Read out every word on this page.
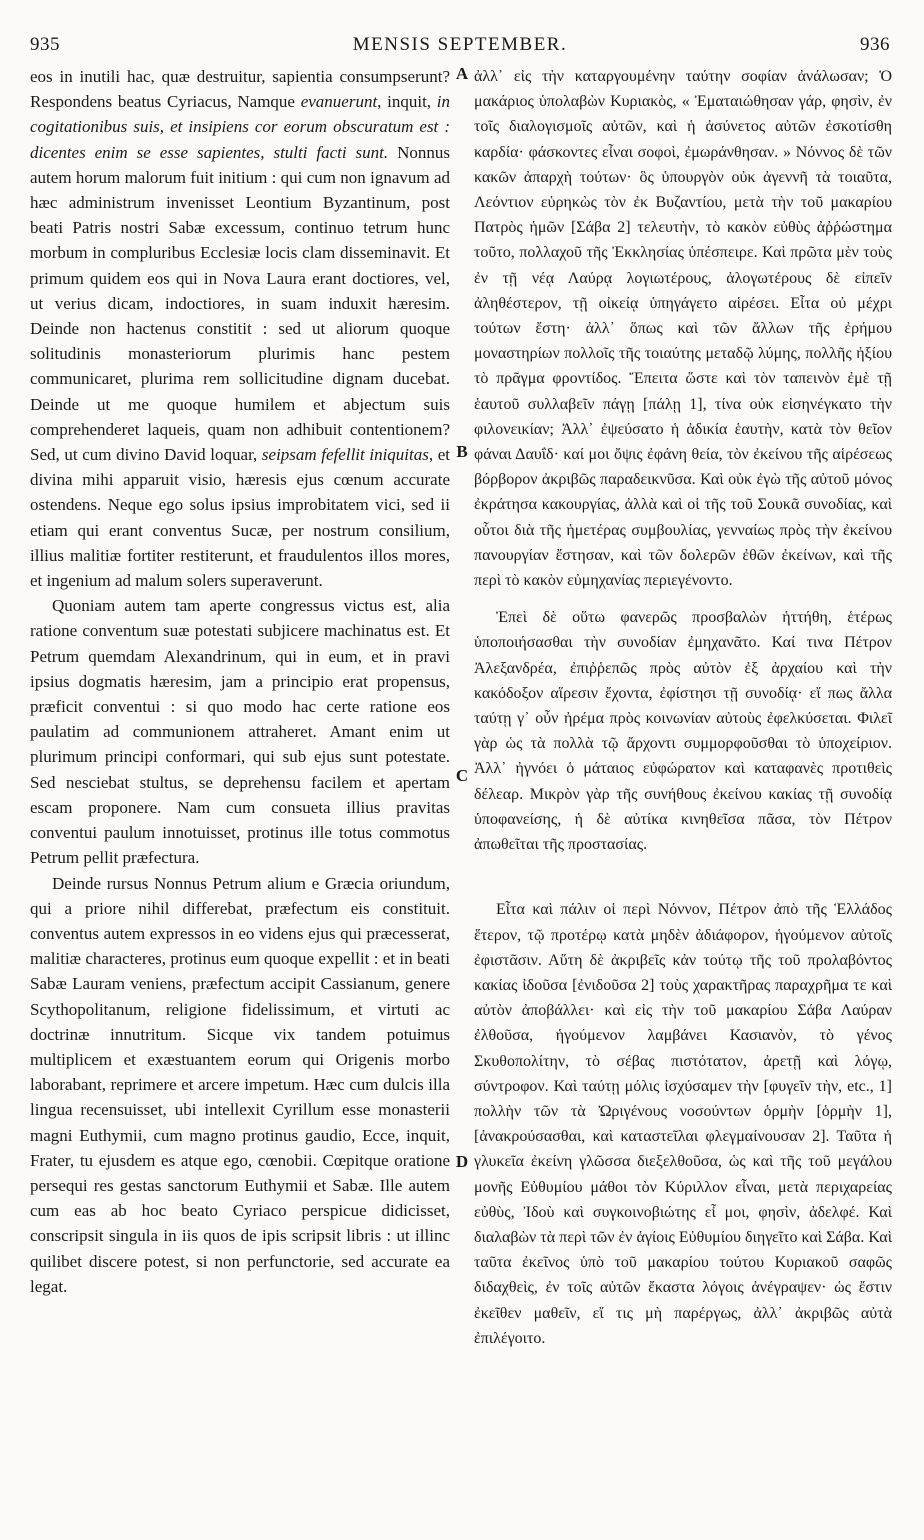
935	MENSIS SEPTEMBER.	936

eos in inutili hac, quæ destruitur, sapientia consumpserunt? Respondens beatus Cyriacus, Namque evanuerunt, inquit, in cogitationibus suis, et insipiens cor eorum obscuratum est : dicentes enim se esse sapientes, stulti facti sunt. Nonnus autem horum malorum fuit initium : qui cum non ignavum ad hæc administrum invenisset Leontium Byzantinum, post beati Patris nostri Sabæ excessum, continuo tetrum hunc morbum in compluribus Ecclesiæ locis clam disseminavit. Et primum quidem eos qui in Nova Laura erant doctiores, vel, ut verius dicam, indoctiores, in suam induxit hæresim. Deinde non hactenus constitit : sed ut aliorum quoque solitudinis monasteriorum plurimis hanc pestem communicaret, plurima rem sollicitudine dignam ducebat. Deinde ut me quoque humilem et abjectum suis comprehenderet laqueis, quam non adhibuit contentionem? Sed, ut cum divino David loquar, seipsam fefellit iniquitas, et divina mihi apparuit visio, hæresis ejus cœnum accurate ostendens. Neque ego solus ipsius improbitatem vici, sed ii etiam qui erant conventus Sucæ, per nostrum consilium, illius malitiæ fortiter restiterunt, et fraudulentos illos mores, et ingenium ad malum solers superaverunt.

Quoniam autem tam aperte congressus victus est, alia ratione conventum suæ potestati subjicere machinatus est. Et Petrum quemdam Alexandrinum, qui in eum, et in pravi ipsius dogmatis hæresim, jam a principio erat propensus, præficit conventui : si quo modo hac certe ratione eos paulatim ad communionem attraheret. Amant enim ut plurimum principi conformari, qui sub ejus sunt potestate. Sed nesciebat stultus, se deprehensu facilem et apertam escam proponere. Nam cum consueta illius pravitas conventui paulum innotuisset, protinus ille totus commotus Petrum pellit præfectura.

Deinde rursus Nonnus Petrum alium e Græcia oriundum, qui a priore nihil differebat, præfectum eis constituit. conventus autem expressos in eo videns ejus qui præcesserat, malitiæ characteres, protinus eum quoque expellit : et in beati Sabæ Lauram veniens, præfectum accipit Cassianum, genere Scythopolitanum, religione fidelissimum, et virtuti ac doctrinæ innutritum. Sicque vix tandem potuimus multiplicem et exæstuantem eorum qui Origenis morbo laborabant, reprimere et arcere impetum. Hæc cum dulcis illa lingua recensuisset, ubi intellexit Cyrillum esse monasterii magni Euthymii, cum magno protinus gaudio, Ecce, inquit, Frater, tu ejusdem es atque ego, cœnobii. Cœpitque oratione persequi res gestas sanctorum Euthymii et Sabæ. Ille autem cum eas ab hoc beato Cyriaco perspicue didicisset, conscripsit singula in iis quos de ipis scripsit libris : ut illinc quilibet discere potest, si non perfunctorie, sed accurate ea legat.

A
B
C
D

ἀλλ᾽ εἰς τὴν καταργουμένην ταύτην σοφίαν ἀνάλωσαν; Ὁ μακάριος ὑπολαβὼν Κυριακὸς, « Ἐματαιώθησαν γάρ, φησὶν, ἐν τοῖς διαλογισμοῖς αὐτῶν, καὶ ἡ ἀσύνετος αὐτῶν ἐσκοτίσθη καρδία· φάσκοντες εἶναι σοφοὶ, ἐμωράνθησαν. » Νόννος δὲ τῶν κακῶν ἀπαρχὴ τούτων· ὃς ὑπουργὸν οὐκ ἀγεννῆ τὰ τοιαῦτα, Λεόντιον εὑρηκὼς τὸν ἐκ Βυζαντίου, μετὰ τὴν τοῦ μακαρίου Πατρὸς ἡμῶν [Σάβα 2] τελευτὴν, τὸ κακὸν εὐθὺς ἀῤῥώστημα τοῦτο, πολλαχοῦ τῆς Ἐκκλησίας ὑπέσπειρε. Καὶ πρῶτα μὲν τοὺς ἐν τῇ νέᾳ Λαύρᾳ λογιωτέρους, ἀλογωτέρους δὲ εἰπεῖν ἀληθέστερον, τῇ οἰκείᾳ ὑπηγάγετο αἱρέσει. Εἶτα οὐ μέχρι τούτων ἔστη· ἀλλ᾽ ὅπως καὶ τῶν ἄλλων τῆς ἐρήμου μοναστηρίων πολλοῖς τῆς τοιαύτης μεταδῷ λύμης, πολλῆς ἠξίου τὸ πρᾶγμα φροντίδος. Ἔπειτα ὥστε καὶ τὸν ταπεινὸν ἐμὲ τῇ ἑαυτοῦ συλλαβεῖν πάγῃ [πάλῃ 1], τίνα οὐκ εἰσηνέγκατο τὴν φιλονεικίαν; Ἀλλ᾽ ἐψεύσατο ἡ ἀδικία ἑαυτὴν, κατὰ τὸν θεῖον φάναι Δαυΐδ· καί μοι ὄψις ἐφάνη θεία, τὸν ἐκείνου τῆς αἱρέσεως βόρβορον ἀκριβῶς παραδεικνῦσα. Καὶ οὐκ ἐγὼ τῆς αὐτοῦ μόνος ἐκράτησα κακουργίας, ἀλλὰ καὶ οἱ τῆς τοῦ Σουκᾶ συνοδίας, καὶ οὗτοι διὰ τῆς ἡμετέρας συμβουλίας, γενναίως πρὸς τὴν ἐκείνου πανουργίαν ἔστησαν, καὶ τῶν δολερῶν ἐθῶν ἐκείνων, καὶ τῆς περὶ τὸ κακὸν εὐμηχανίας περιεγένοντο.

Ἐπεὶ δὲ οὕτω φανερῶς προσβαλὼν ἡττήθη, ἑτέρως ὑποποιήσασθαι τὴν συνοδίαν ἐμηχανᾶτο. Καί τινα Πέτρον Ἀλεξανδρέα, ἐπιῤῥεπῶς πρὸς αὐτὸν ἐξ ἀρχαίου καὶ τὴν κακόδοξον αἵρεσιν ἔχοντα, ἐφίστησι τῇ συνοδίᾳ· εἴ πως ἄλλα ταύτῃ γ᾽ οὖν ἠρέμα πρὸς κοινωνίαν αὐτοὺς ἐφελκύσεται. Φιλεῖ γὰρ ὡς τὰ πολλὰ τῷ ἄρχοντι συμμορφοῦσθαι τὸ ὑποχείριον. Ἀλλ᾽ ἠγνόει ὁ μάταιος εὐφώρατον καὶ καταφανὲς προτιθεὶς δέλεαρ. Μικρὸν γὰρ τῆς συνήθους ἐκείνου κακίας τῇ συνοδίᾳ ὑποφανείσης, ἡ δὲ αὐτίκα κινηθεῖσα πᾶσα, τὸν Πέτρον ἀπωθεῖται τῆς προστασίας.

Εἶτα καὶ πάλιν οἱ περὶ Νόννον, Πέτρον ἀπὸ τῆς Ἑλλάδος ἕτερον, τῷ προτέρῳ κατὰ μηδὲν ἀδιάφορον, ἡγούμενον αὐτοῖς ἐφιστᾶσιν. Αὕτη δὲ ἀκριβεῖς κἀν τούτῳ τῆς τοῦ προλαβόντος κακίας ἰδοῦσα [ἐνιδοῦσα 2] τοὺς χαρακτῆρας παραχρῆμα τε καὶ αὐτὸν ἀποβάλλει· καὶ εἰς τὴν τοῦ μακαρίου Σάβα Λαύραν ἐλθοῦσα, ἡγούμενον λαμβάνει Κασιανὸν, τὸ γένος Σκυθοπολίτην, τὸ σέβας πιστότατον, ἀρετῇ καὶ λόγῳ, σύντροφον. Καὶ ταύτῃ μόλις ἰσχύσαμεν τὴν [φυγεῖν τὴν, etc., 1] πολλὴν τῶν τὰ Ὠριγένους νοσούντων ὁρμὴν [ὁρμὴν 1], [ἀνακρούσασθαι, καὶ καταστεῖλαι φλεγμαίνουσαν 2]. Ταῦτα ἡ γλυκεῖα ἐκείνη γλῶσσα διεξελθοῦσα, ὡς καὶ τῆς τοῦ μεγάλου μονῆς Εὐθυμίου μάθοι τὸν Κύριλλον εἶναι, μετὰ περιχαρείας εὐθὺς, Ἰδοὺ καὶ συγκοινοβιώτης εἶ μοι, φησὶν, ἀδελφέ. Καὶ διαλαβὼν τὰ περὶ τῶν ἐν ἁγίοις Εὐθυμίου διηγεῖτο καὶ Σάβα. Καὶ ταῦτα ἐκεῖνος ὑπὸ τοῦ μακαρίου τούτου Κυριακοῦ σαφῶς διδαχθεὶς, ἐν τοῖς αὐτῶν ἔκαστα λόγοις ἀνέγραψεν· ὡς ἔστιν ἐκεῖθεν μαθεῖν, εἴ τις μὴ παρέργως, ἀλλ᾽ ἀκριβῶς αὐτὰ ἐπιλέγοιτο.
